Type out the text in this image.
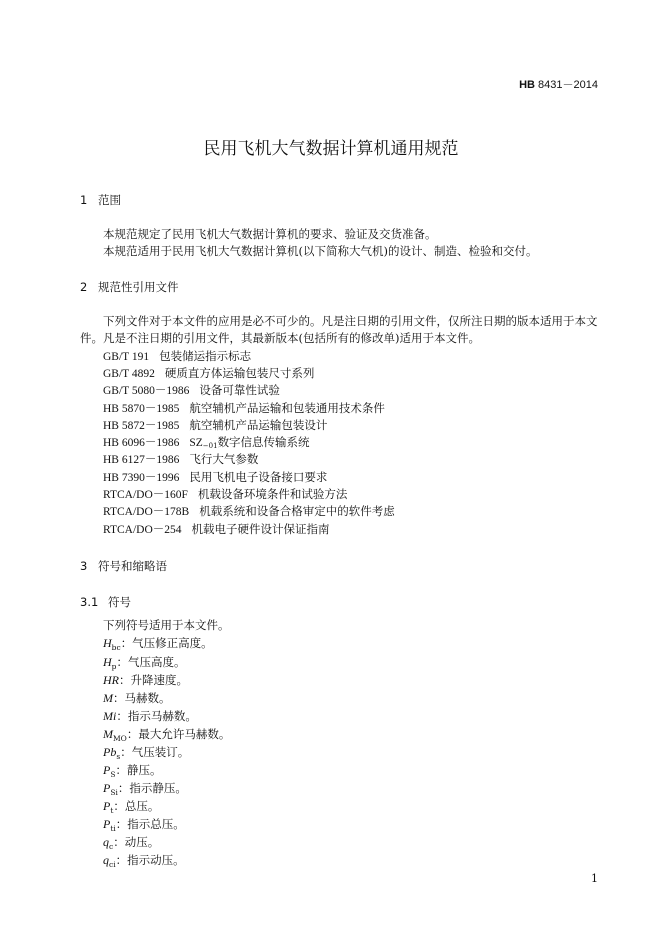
HB 8431－2014
民用飞机大气数据计算机通用规范
1 范围
本规范规定了民用飞机大气数据计算机的要求、验证及交货准备。
本规范适用于民用飞机大气数据计算机(以下简称大气机)的设计、制造、检验和交付。
2 规范性引用文件
下列文件对于本文件的应用是必不可少的。凡是注日期的引用文件，仅所注日期的版本适用于本文
件。凡是不注日期的引用文件，其最新版本(包括所有的修改单)适用于本文件。
GB/T 191 包装储运指示标志
GB/T 4892 硬质直方体运输包装尺寸系列
GB/T 5080－1986 设备可靠性试验
HB 5870－1985 航空辅机产品运输和包装通用技术条件
HB 5872－1985 航空辅机产品运输包装设计
HB 6096－1986 SZ−01数字信息传输系统
HB 6127－1986 飞行大气参数
HB 7390－1996 民用飞机电子设备接口要求
RTCA/DO－160F 机载设备环境条件和试验方法
RTCA/DO－178B 机载系统和设备合格审定中的软件考虑
RTCA/DO－254 机载电子硬件设计保证指南
3 符号和缩略语
3.1 符号
下列符号适用于本文件。
$H_{bc}$：气压修正高度。
$H_p$：气压高度。
HR：升降速度。
M：马赫数。
Mi：指示马赫数。
$M_{MO}$：最大允许马赫数。
$Pb_s$：气压装订。
$P_S$：静压。
$P_{Si}$：指示静压。
$P_t$：总压。
$P_{ti}$：指示总压。
$q_c$：动压。
$q_{ci}$：指示动压。
1
